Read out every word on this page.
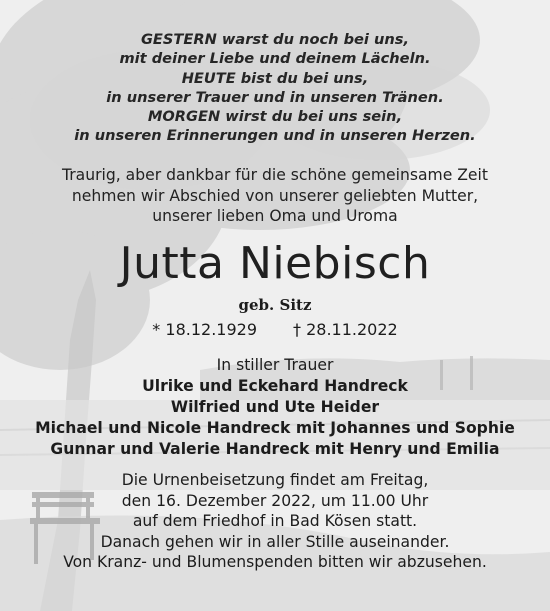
GESTERN warst du noch bei uns,
mit deiner Liebe und deinem Lächeln.
HEUTE bist du bei uns,
in unserer Trauer und in unseren Tränen.
MORGEN wirst du bei uns sein,
in unseren Erinnerungen und in unseren Herzen.
Traurig, aber dankbar für die schöne gemeinsame Zeit
nehmen wir Abschied von unserer geliebten Mutter,
unserer lieben Oma und Uroma
Jutta Niebisch
geb. Sitz
* 18.12.1929 † 28.11.2022
In stiller Trauer
Ulrike und Eckehard Handreck
Wilfried und Ute Heider
Michael und Nicole Handreck mit Johannes und Sophie
Gunnar und Valerie Handreck mit Henry und Emilia
Die Urnenbeisetzung findet am Freitag,
den 16. Dezember 2022, um 11.00 Uhr
auf dem Friedhof in Bad Kösen statt.
Danach gehen wir in aller Stille auseinander.
Von Kranz- und Blumenspenden bitten wir abzusehen.
